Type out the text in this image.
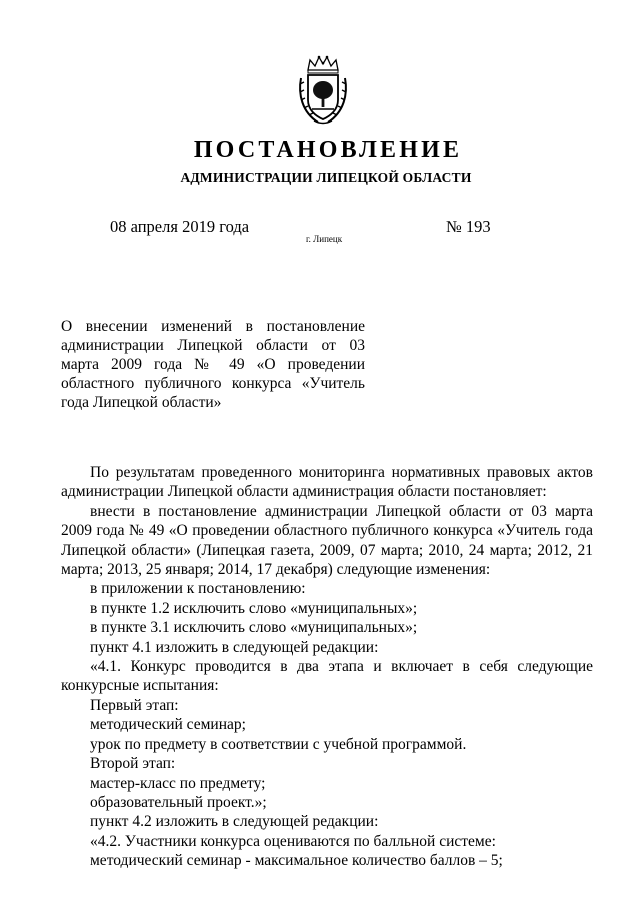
ПОСТАНОВЛЕНИЕ
АДМИНИСТРАЦИИ ЛИПЕЦКОЙ ОБЛАСТИ
08 апреля 2019 года
г. Липецк
№ 193
О внесении изменений в постановление администрации Липецкой области от 03 марта 2009 года № 49 «О проведении областного публичного конкурса «Учитель года Липецкой области»

По результатам проведенного мониторинга нормативных правовых актов администрации Липецкой области администрация области постановляет:

внести в постановление администрации Липецкой области от 03 марта 2009 года № 49 «О проведении областного публичного конкурса «Учитель года Липецкой области» (Липецкая газета, 2009, 07 марта; 2010, 24 марта; 2012, 21 марта; 2013, 25 января; 2014, 17 декабря) следующие изменения:

в приложении к постановлению:

в пункте 1.2 исключить слово «муниципальных»;

в пункте 3.1 исключить слово «муниципальных»;

пункт 4.1 изложить в следующей редакции:

«4.1. Конкурс проводится в два этапа и включает в себя следующие конкурсные испытания:

Первый этап:

методический семинар;

урок по предмету в соответствии с учебной программой.

Второй этап:

мастер-класс по предмету;

образовательный проект.»;

пункт 4.2 изложить в следующей редакции:

«4.2. Участники конкурса оцениваются по балльной системе:

методический семинар - максимальное количество баллов – 5;
